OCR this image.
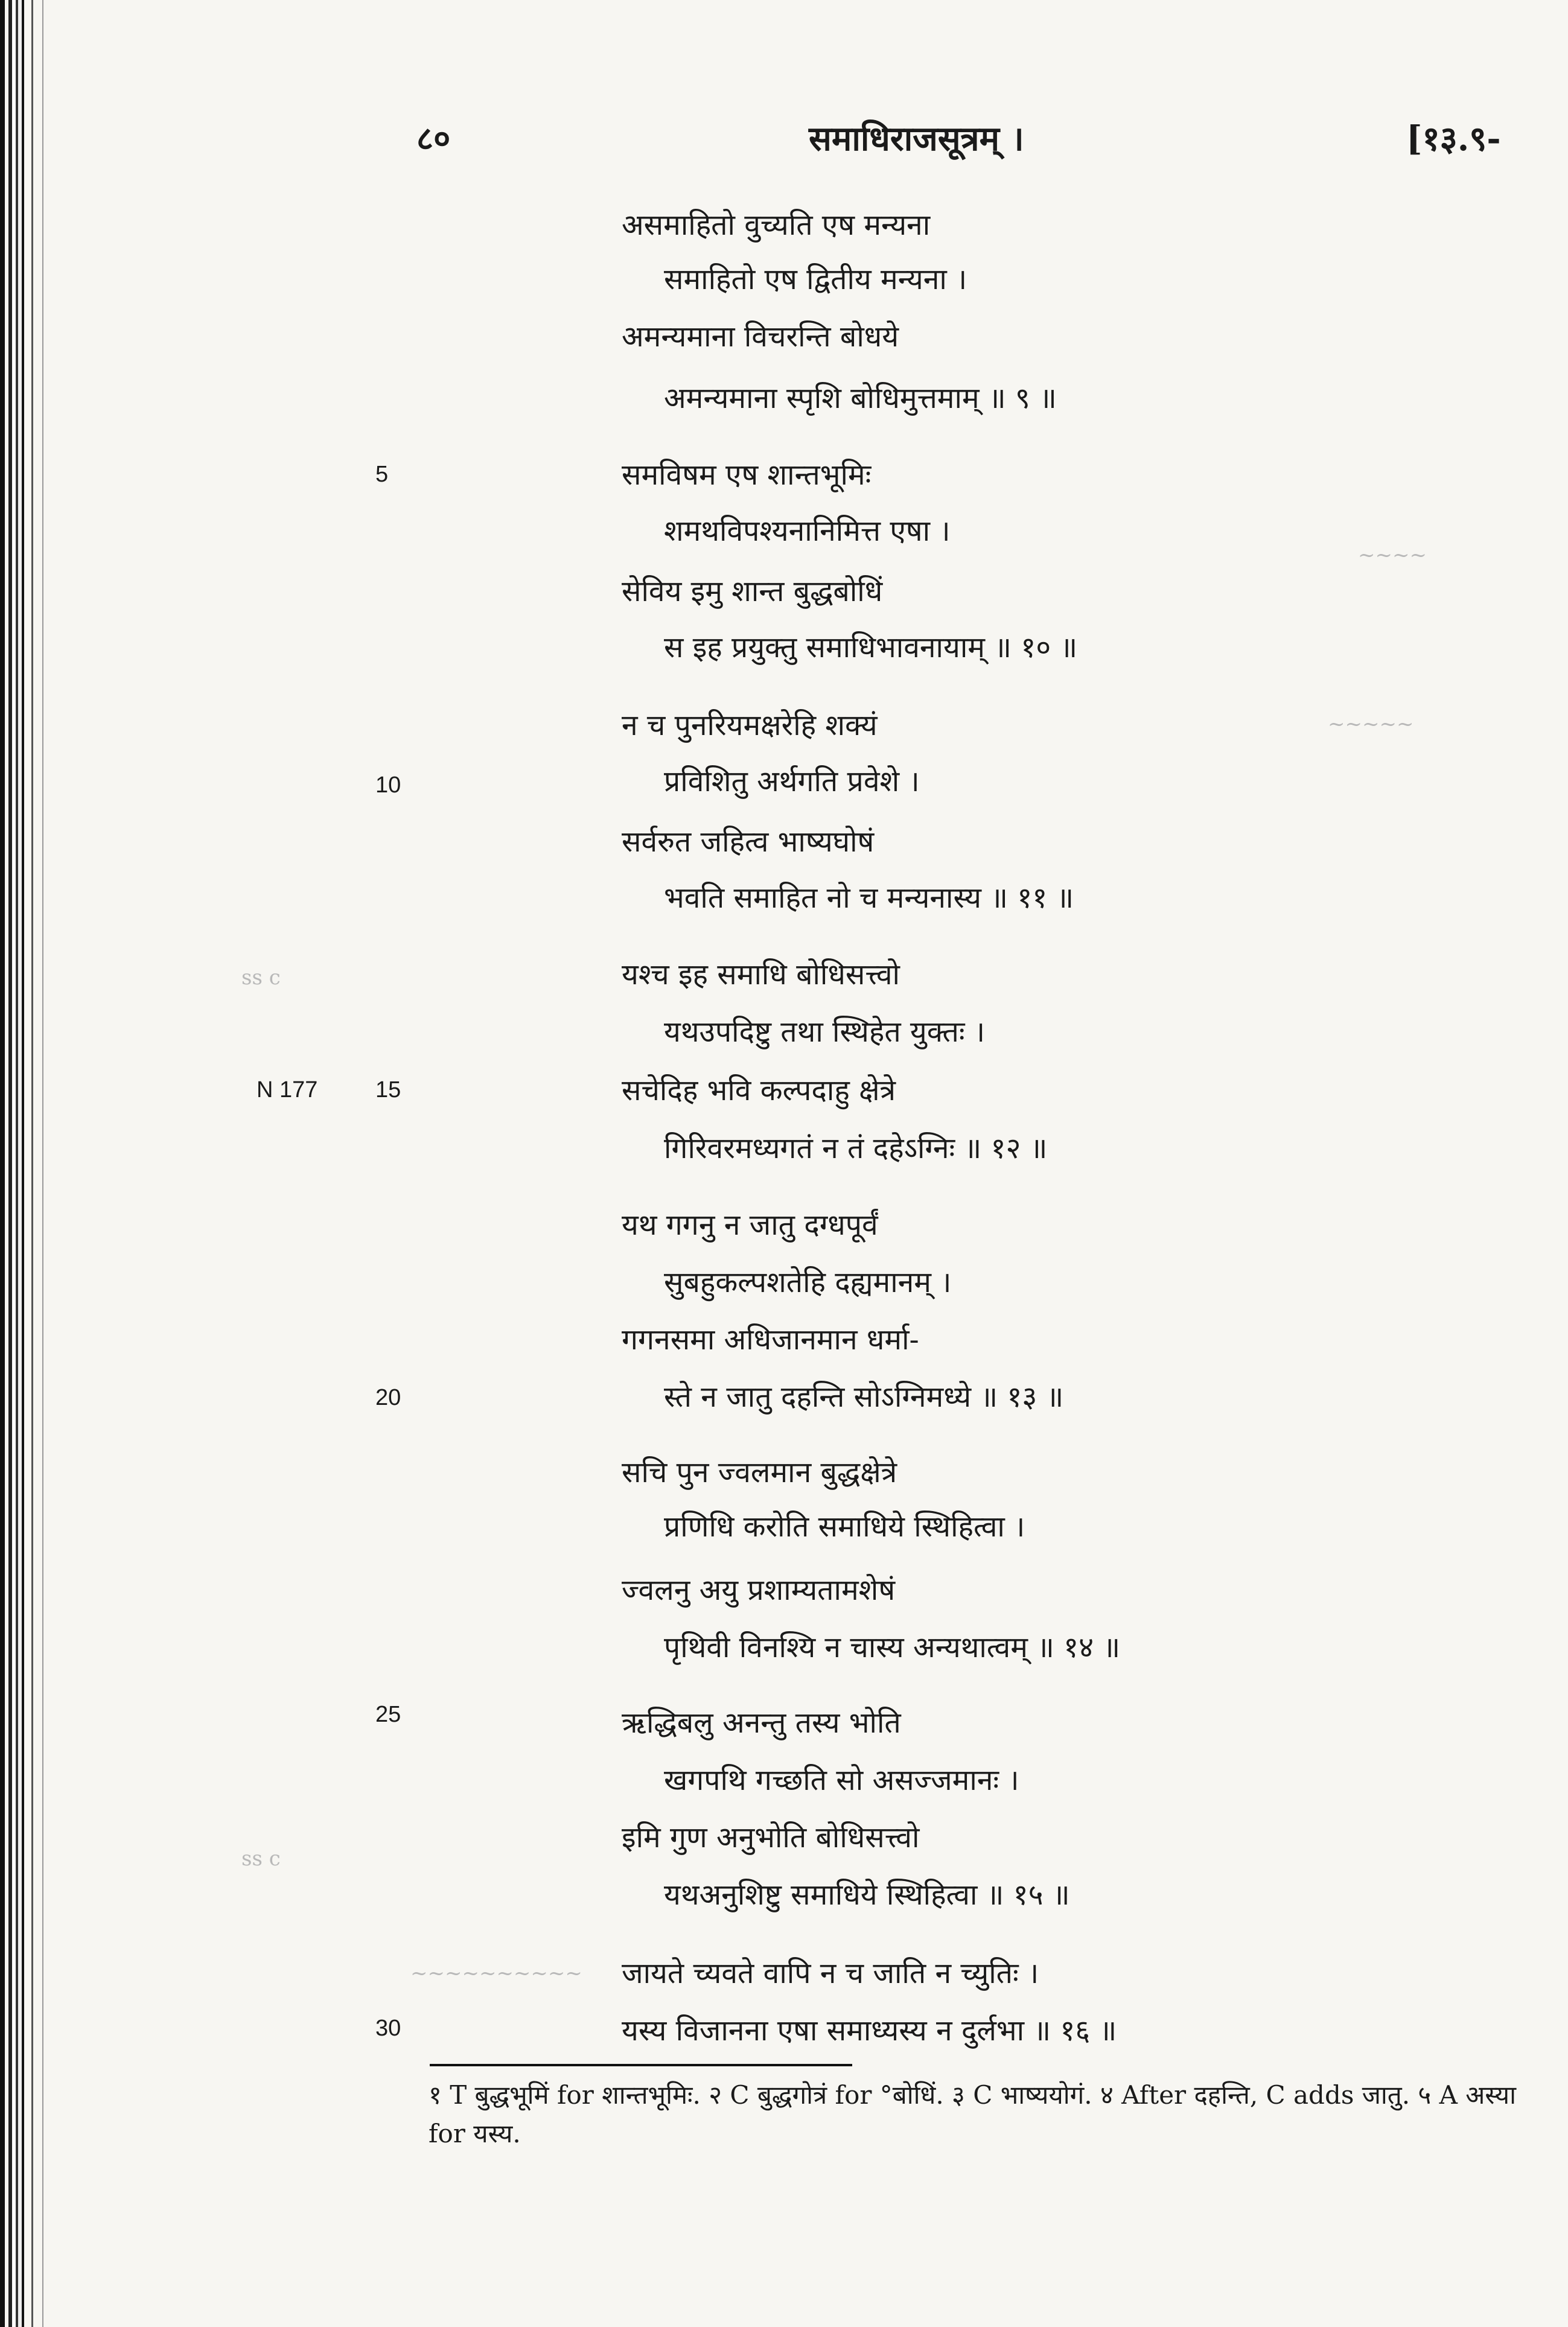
८०	समाधिराजसूत्रम् ।	[१३.९-
असमाहितो वुच्यति एष मन्यना
समाहितो एष द्वितीय मन्यना ।
अमन्यमाना विचरन्ति बोधये
अमन्यमाना स्पृशि बोधिमुत्तमाम् ॥ ९ ॥
समविषम एष शान्तभूमिः
शमथविपश्यनानिमित्त एषा ।
सेविय इमु शान्त बुद्धबोधिं
स इह प्रयुक्तु समाधिभावनायाम् ॥ १० ॥
न च पुनरियमक्षरेहि शक्यं
प्रविशितु अर्थगति प्रवेशे ।
सर्वरुत जहित्व भाष्यघोषं
भवति समाहित नो च मन्यनास्य ॥ ११ ॥
यश्च इह समाधि बोधिसत्त्वो
यथउपदिष्टु तथा स्थिहेत युक्तः ।
सचेदिह भवि कल्पदाहु क्षेत्रे
गिरिवरमध्यगतं न तं दहेऽग्निः ॥ १२ ॥
यथ गगनु न जातु दग्धपूर्वं
सुबहुकल्पशतेहि दह्यमानम् ।
गगनसमा अधिजानमान धर्मा-
स्ते न जातु दहन्ति सोऽग्निमध्ये ॥ १३ ॥
सचि पुन ज्वलमान बुद्धक्षेत्रे
प्रणिधि करोति समाधिये स्थिहित्वा ।
ज्वलनु अयु प्रशाम्यतामशेषं
पृथिवी विनश्यि न चास्य अन्यथात्वम् ॥ १४ ॥
ऋद्धिबलु अनन्तु तस्य भोति
खगपथि गच्छति सो असज्जमानः ।
इमि गुण अनुभोति बोधिसत्त्वो
यथअनुशिष्टु समाधिये स्थिहित्वा ॥ १५ ॥
जायते च्यवते वापि न च जाति न च्युतिः ।
यस्य विजानना एषा समाध्यस्य न दुर्लभा ॥ १६ ॥
5
10
15
20
25
30
N 177
ss c
ss c
~~~~~~~~~~
~~~~~
~~~~
१ T बुद्धभूमिं for शान्तभूमिः. २ C बुद्धगोत्रं for °बोधिं. ३ C भाष्ययोगं. ४ After दहन्ति, C adds जातु. ५ A अस्या for यस्य.
